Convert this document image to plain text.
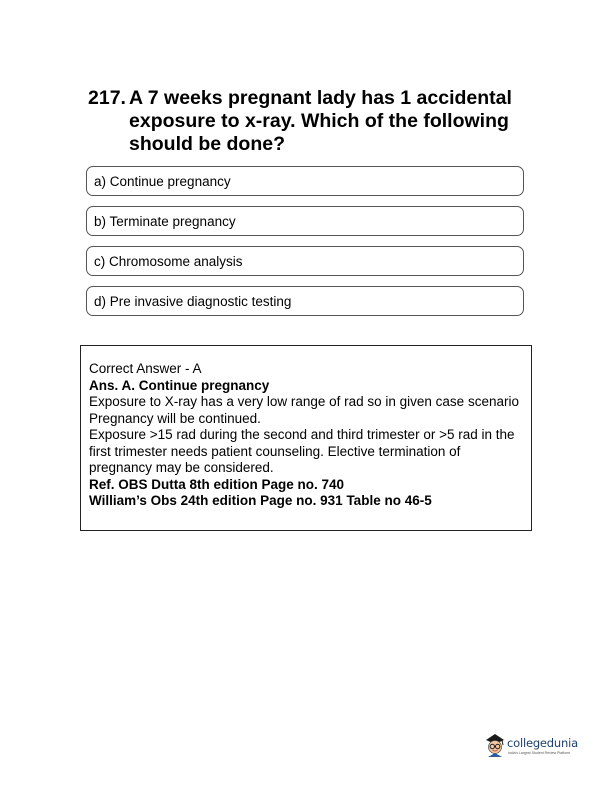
217. A 7 weeks pregnant lady has 1 accidental exposure to x-ray. Which of the following should be done?
a) Continue pregnancy
b) Terminate pregnancy
c) Chromosome analysis
d) Pre invasive diagnostic testing
Correct Answer - A
Ans. A. Continue pregnancy
Exposure to X-ray has a very low range of rad so in given case scenario Pregnancy will be continued.
Exposure >15 rad during the second and third trimester or >5 rad in the first trimester needs patient counseling. Elective termination of pregnancy may be considered.
Ref. OBS Dutta 8th edition Page no. 740
William’s Obs 24th edition Page no. 931 Table no 46-5
collegedunia
India's Largest Student Review Platform
